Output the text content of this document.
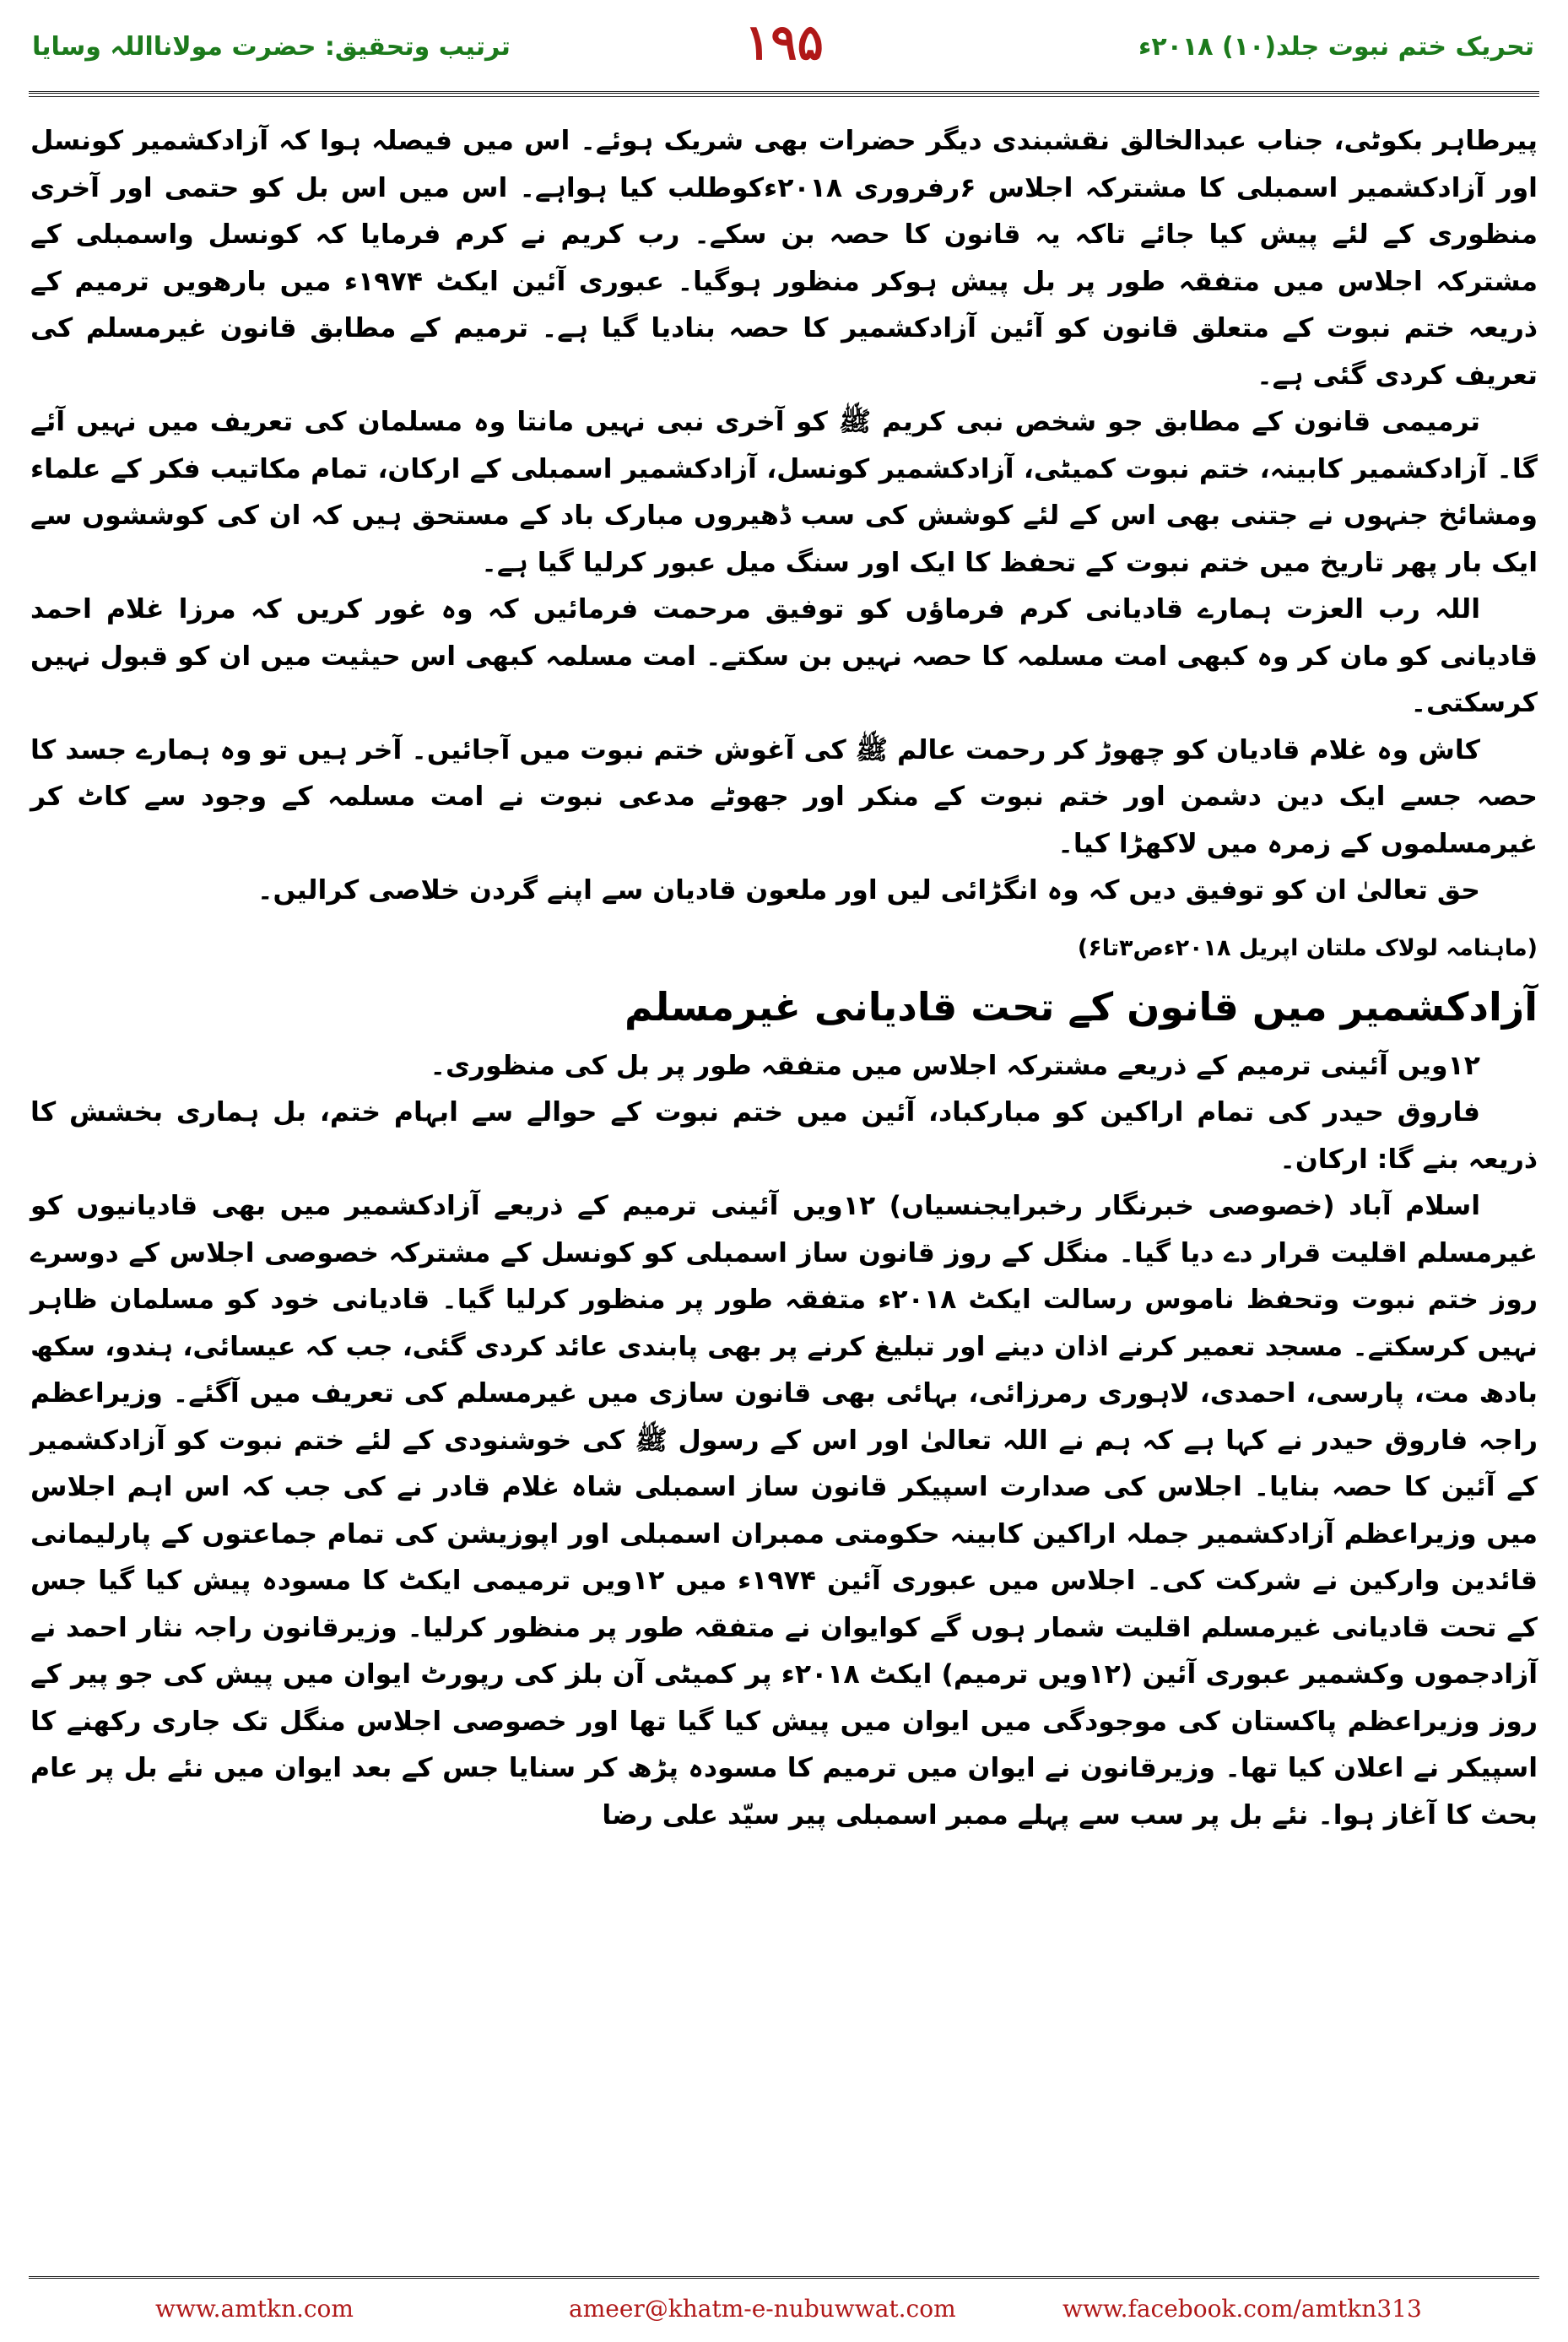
تحریک ختم نبوت جلد(۱۰) ۲۰۱۸ء
۱۹۵
ترتیب وتحقیق: حضرت مولانااللہ وسایا

پیرطاہر بکوٹی، جناب عبدالخالق نقشبندی دیگر حضرات بھی شریک ہوئے۔ اس میں فیصلہ ہوا کہ آزادکشمیر کونسل اور آزادکشمیر اسمبلی کا مشترکہ اجلاس ۶رفروری ۲۰۱۸ءکوطلب کیا ہواہے۔ اس میں اس بل کو حتمی اور آخری منظوری کے لئے پیش کیا جائے تاکہ یہ قانون کا حصہ بن سکے۔ رب کریم نے کرم فرمایا کہ کونسل واسمبلی کے مشترکہ اجلاس میں متفقہ طور پر بل پیش ہوکر منظور ہوگیا۔ عبوری آئین ایکٹ ۱۹۷۴ء میں بارھویں ترمیم کے ذریعہ ختم نبوت کے متعلق قانون کو آئین آزادکشمیر کا حصہ بنادیا گیا ہے۔ ترمیم کے مطابق قانون غیرمسلم کی تعریف کردی گئی ہے۔

ترمیمی قانون کے مطابق جو شخص نبی کریم ﷺ کو آخری نبی نہیں مانتا وہ مسلمان کی تعریف میں نہیں آئے گا۔ آزادکشمیر کابینہ، ختم نبوت کمیٹی، آزادکشمیر کونسل، آزادکشمیر اسمبلی کے ارکان، تمام مکاتیب فکر کے علماء ومشائخ جنہوں نے جتنی بھی اس کے لئے کوشش کی سب ڈھیروں مبارک باد کے مستحق ہیں کہ ان کی کوششوں سے ایک بار پھر تاریخ میں ختم نبوت کے تحفظ کا ایک اور سنگ میل عبور کرلیا گیا ہے۔

اللہ رب العزت ہمارے قادیانی کرم فرماؤں کو توفیق مرحمت فرمائیں کہ وہ غور کریں کہ مرزا غلام احمد قادیانی کو مان کر وہ کبھی امت مسلمہ کا حصہ نہیں بن سکتے۔ امت مسلمہ کبھی اس حیثیت میں ان کو قبول نہیں کرسکتی۔

کاش وہ غلام قادیان کو چھوڑ کر رحمت عالم ﷺ کی آغوش ختم نبوت میں آجائیں۔ آخر ہیں تو وہ ہمارے جسد کا حصہ جسے ایک دین دشمن اور ختم نبوت کے منکر اور جھوٹے مدعی نبوت نے امت مسلمہ کے وجود سے کاٹ کر غیرمسلموں کے زمرہ میں لاکھڑا کیا۔

حق تعالیٰ ان کو توفیق دیں کہ وہ انگڑائی لیں اور ملعون قادیان سے اپنے گردن خلاصی کرالیں۔

(ماہنامہ لولاک ملتان اپریل ۲۰۱۸ءص۳تا۶)

آزادکشمیر میں قانون کے تحت قادیانی غیرمسلم

۱۲ویں آئینی ترمیم کے ذریعے مشترکہ اجلاس میں متفقہ طور پر بل کی منظوری۔

فاروق حیدر کی تمام اراکین کو مبارکباد، آئین میں ختم نبوت کے حوالے سے ابہام ختم، بل ہماری بخشش کا ذریعہ بنے گا: ارکان۔

اسلام آباد (خصوصی خبرنگار رخبرایجنسیاں) ۱۲ویں آئینی ترمیم کے ذریعے آزادکشمیر میں بھی قادیانیوں کو غیرمسلم اقلیت قرار دے دیا گیا۔ منگل کے روز قانون ساز اسمبلی کو کونسل کے مشترکہ خصوصی اجلاس کے دوسرے روز ختم نبوت وتحفظ ناموس رسالت ایکٹ ۲۰۱۸ء متفقہ طور پر منظور کرلیا گیا۔ قادیانی خود کو مسلمان ظاہر نہیں کرسکتے۔ مسجد تعمیر کرنے اذان دینے اور تبلیغ کرنے پر بھی پابندی عائد کردی گئی، جب کہ عیسائی، ہندو، سکھ بادھ مت، پارسی، احمدی، لاہوری رمرزائی، بہائی بھی قانون سازی میں غیرمسلم کی تعریف میں آگئے۔ وزیراعظم راجہ فاروق حیدر نے کہا ہے کہ ہم نے اللہ تعالیٰ اور اس کے رسول ﷺ کی خوشنودی کے لئے ختم نبوت کو آزادکشمیر کے آئین کا حصہ بنایا۔ اجلاس کی صدارت اسپیکر قانون ساز اسمبلی شاہ غلام قادر نے کی جب کہ اس اہم اجلاس میں وزیراعظم آزادکشمیر جملہ اراکین کابینہ حکومتی ممبران اسمبلی اور اپوزیشن کی تمام جماعتوں کے پارلیمانی قائدین وارکین نے شرکت کی۔ اجلاس میں عبوری آئین ۱۹۷۴ء میں ۱۲ویں ترمیمی ایکٹ کا مسودہ پیش کیا گیا جس کے تحت قادیانی غیرمسلم اقلیت شمار ہوں گے کوایوان نے متفقہ طور پر منظور کرلیا۔ وزیرقانون راجہ نثار احمد نے آزادجموں وکشمیر عبوری آئین (۱۲ویں ترمیم) ایکٹ ۲۰۱۸ء پر کمیٹی آن بلز کی رپورٹ ایوان میں پیش کی جو پیر کے روز وزیراعظم پاکستان کی موجودگی میں ایوان میں پیش کیا گیا تھا اور خصوصی اجلاس منگل تک جاری رکھنے کا اسپیکر نے اعلان کیا تھا۔ وزیرقانون نے ایوان میں ترمیم کا مسودہ پڑھ کر سنایا جس کے بعد ایوان میں نئے بل پر عام بحث کا آغاز ہوا۔ نئے بل پر سب سے پہلے ممبر اسمبلی پیر سیّد علی رضا

www.amtkn.com	ameer@khatm-e-nubuwwat.com	www.facebook.com/amtkn313
